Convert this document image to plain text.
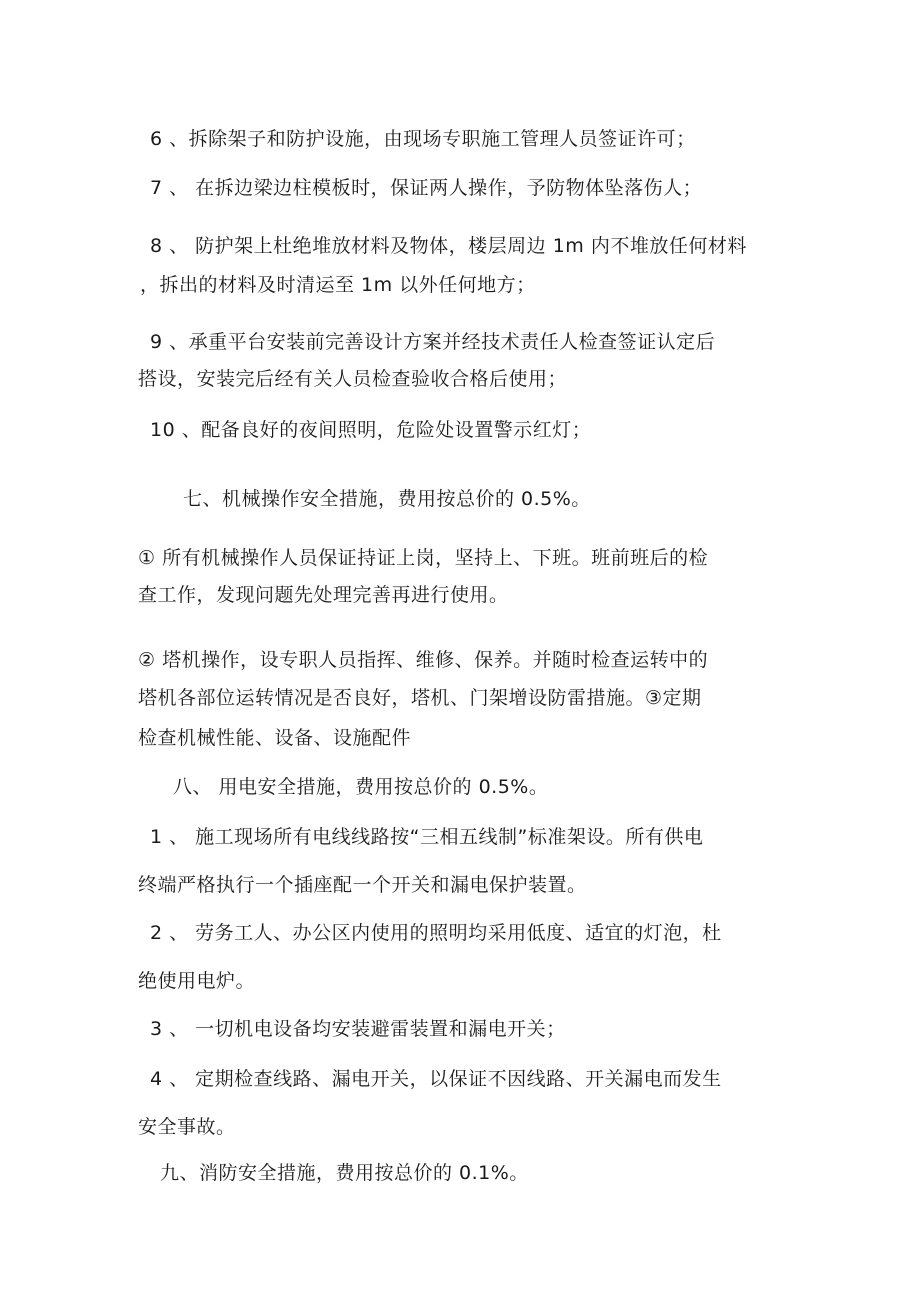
6 、拆除架子和防护设施，由现场专职施工管理人员签证许可；
7 、 在拆边梁边柱模板时，保证两人操作，予防物体坠落伤人；
8 、 防护架上杜绝堆放材料及物体，楼层周边 1m 内不堆放任何材料
，拆出的材料及时清运至 1m 以外任何地方；
9 、承重平台安装前完善设计方案并经技术责任人检查签证认定后
搭设，安装完后经有关人员检查验收合格后使用；
10 、配备良好的夜间照明，危险处设置警示红灯；
七、机械操作安全措施，费用按总价的 0.5%。
① 所有机械操作人员保证持证上岗，坚持上、下班。班前班后的检
查工作，发现问题先处理完善再进行使用。
② 塔机操作，设专职人员指挥、维修、保养。并随时检查运转中的
塔机各部位运转情况是否良好，塔机、门架增设防雷措施。③定期
检查机械性能、设备、设施配件
八、 用电安全措施，费用按总价的 0.5%。
1 、 施工现场所有电线线路按“三相五线制”标准架设。所有供电
终端严格执行一个插座配一个开关和漏电保护装置。
2 、 劳务工人、办公区内使用的照明均采用低度、适宜的灯泡，杜
绝使用电炉。
3 、 一切机电设备均安装避雷装置和漏电开关；
4 、 定期检查线路、漏电开关，以保证不因线路、开关漏电而发生
安全事故。
九、消防安全措施，费用按总价的 0.1%。
